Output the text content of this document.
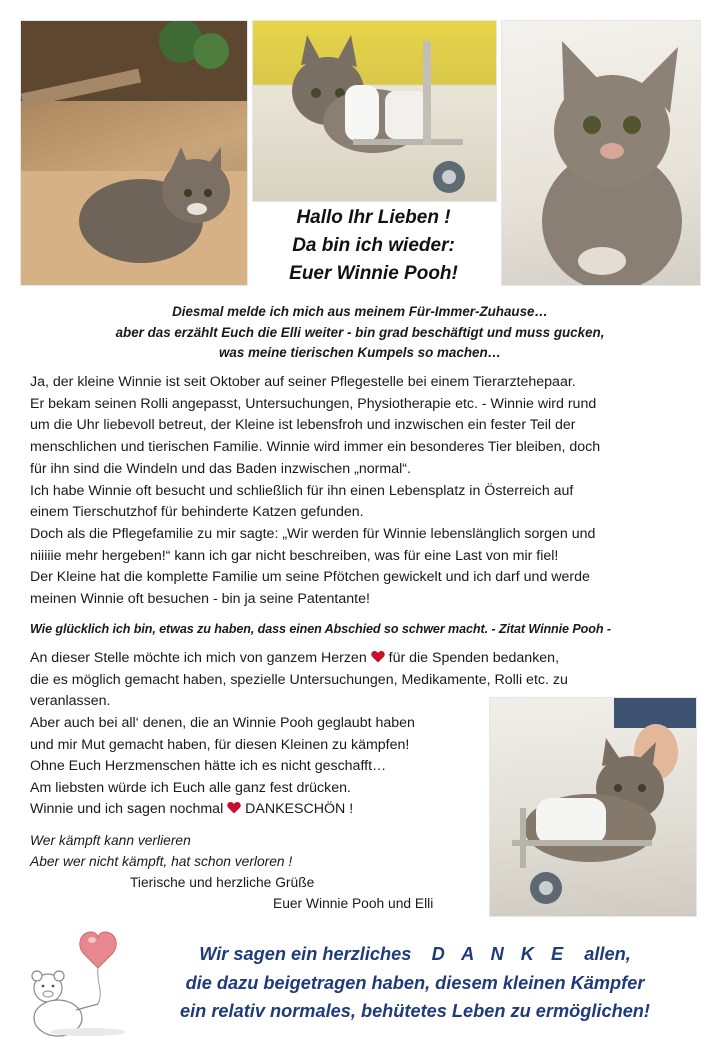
Hallo Ihr Lieben !
Da bin ich wieder:
Euer Winnie Pooh!
Diesmal melde ich mich aus meinem Für-Immer-Zuhause…
aber das erzählt Euch die Elli weiter - bin grad beschäftigt und muss gucken,
was meine tierischen Kumpels so machen…
Ja, der kleine Winnie ist seit Oktober auf seiner Pflegestelle bei einem Tierarztehepaar.
Er bekam seinen Rolli angepasst, Untersuchungen, Physiotherapie etc. - Winnie wird rund
um die Uhr liebevoll betreut, der Kleine ist lebensfroh und inzwischen ein fester Teil der
menschlichen und tierischen Familie. Winnie wird immer ein besonderes Tier bleiben, doch
für ihn sind die Windeln und das Baden inzwischen „normal“.
Ich habe Winnie oft besucht und schließlich für ihn einen Lebensplatz in Österreich auf
einem Tierschutzhof für behinderte Katzen gefunden.
Doch als die Pflegefamilie zu mir sagte: „Wir werden für Winnie lebenslänglich sorgen und
niiiiie mehr hergeben!“ kann ich gar nicht beschreiben, was für eine Last von mir fiel!
Der Kleine hat die komplette Familie um seine Pfötchen gewickelt und ich darf und werde
meinen Winnie oft besuchen - bin ja seine Patentante!
Wie glücklich ich bin, etwas zu haben, dass einen Abschied so schwer macht. - Zitat Winnie Pooh -
An dieser Stelle möchte ich mich von ganzem Herzen für die Spenden bedanken,
die es möglich gemacht haben, spezielle Untersuchungen, Medikamente, Rolli etc. zu
veranlassen.
Aber auch bei all‘ denen, die an Winnie Pooh geglaubt haben
und mir Mut gemacht haben, für diesen Kleinen zu kämpfen!
Ohne Euch Herzmenschen hätte ich es nicht geschafft…
Am liebsten würde ich Euch alle ganz fest drücken.
Winnie und ich sagen nochmal DANKESCHÖN !
Wer kämpft kann verlieren
Aber wer nicht kämpft, hat schon verloren !
Tierische und herzliche Grüße
Euer Winnie Pooh und Elli
Wir sagen ein herzliches D A N K E allen,
die dazu beigetragen haben, diesem kleinen Kämpfer
ein relativ normales, behütetes Leben zu ermöglichen!
